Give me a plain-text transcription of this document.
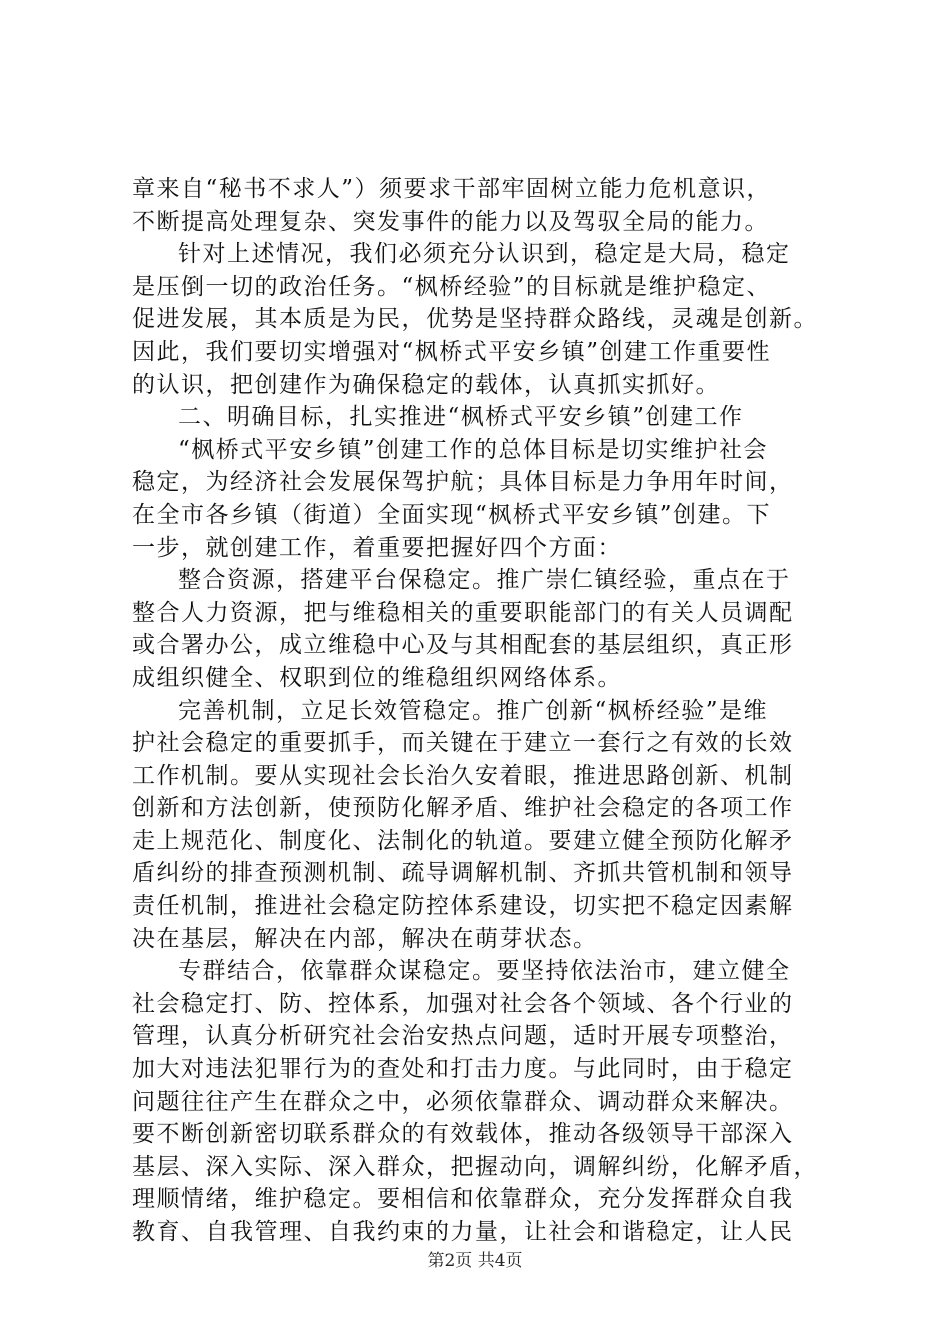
章来自“秘书不求人”）须要求干部牢固树立能力危机意识，
不断提高处理复杂、突发事件的能力以及驾驭全局的能力。
针对上述情况，我们必须充分认识到，稳定是大局，稳定
是压倒一切的政治任务。“枫桥经验”的目标就是维护稳定、
促进发展，其本质是为民，优势是坚持群众路线，灵魂是创新。
因此，我们要切实增强对“枫桥式平安乡镇”创建工作重要性
的认识，把创建作为确保稳定的载体，认真抓实抓好。
二、明确目标，扎实推进“枫桥式平安乡镇”创建工作
“枫桥式平安乡镇”创建工作的总体目标是切实维护社会
稳定，为经济社会发展保驾护航；具体目标是力争用年时间，
在全市各乡镇（街道）全面实现“枫桥式平安乡镇”创建。下
一步，就创建工作，着重要把握好四个方面：
整合资源，搭建平台保稳定。推广崇仁镇经验，重点在于
整合人力资源，把与维稳相关的重要职能部门的有关人员调配
或合署办公，成立维稳中心及与其相配套的基层组织，真正形
成组织健全、权职到位的维稳组织网络体系。
完善机制，立足长效管稳定。推广创新“枫桥经验”是维
护社会稳定的重要抓手，而关键在于建立一套行之有效的长效
工作机制。要从实现社会长治久安着眼，推进思路创新、机制
创新和方法创新，使预防化解矛盾、维护社会稳定的各项工作
走上规范化、制度化、法制化的轨道。要建立健全预防化解矛
盾纠纷的排查预测机制、疏导调解机制、齐抓共管机制和领导
责任机制，推进社会稳定防控体系建设，切实把不稳定因素解
决在基层，解决在内部，解决在萌芽状态。
专群结合，依靠群众谋稳定。要坚持依法治市，建立健全
社会稳定打、防、控体系，加强对社会各个领域、各个行业的
管理，认真分析研究社会治安热点问题，适时开展专项整治，
加大对违法犯罪行为的查处和打击力度。与此同时，由于稳定
问题往往产生在群众之中，必须依靠群众、调动群众来解决。
要不断创新密切联系群众的有效载体，推动各级领导干部深入
基层、深入实际、深入群众，把握动向，调解纠纷，化解矛盾，
理顺情绪，维护稳定。要相信和依靠群众，充分发挥群众自我
教育、自我管理、自我约束的力量，让社会和谐稳定，让人民
第2页 共4页
